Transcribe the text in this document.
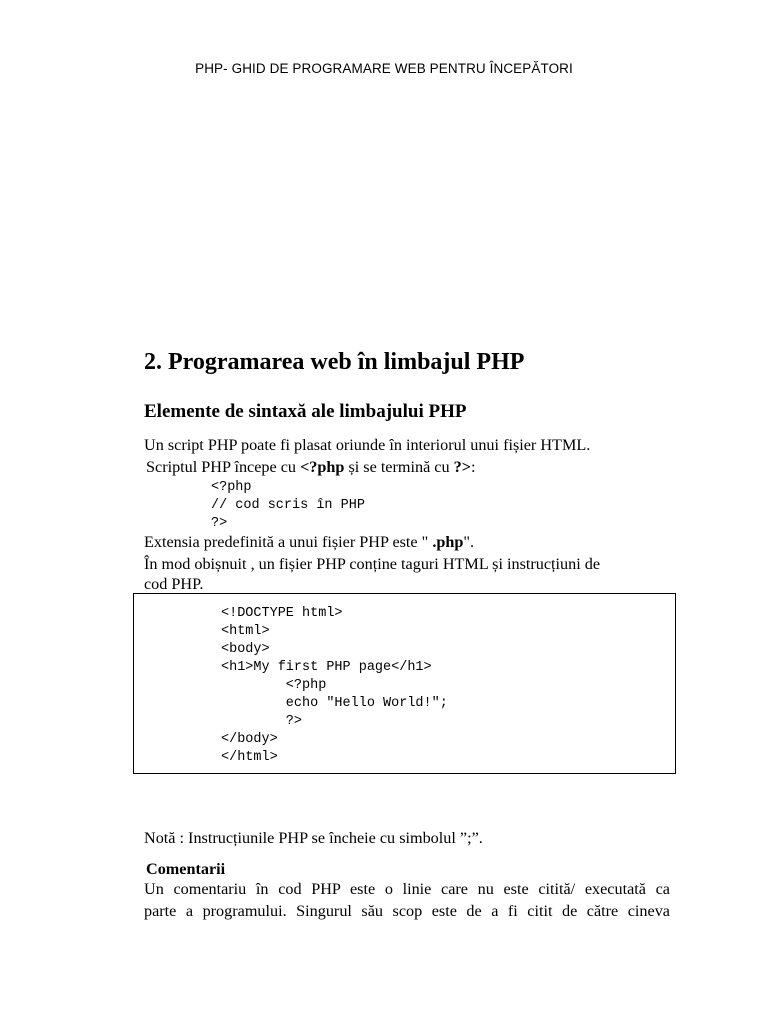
PHP- GHID DE PROGRAMARE WEB PENTRU ÎNCEPĂTORI
2. Programarea web în limbajul PHP
Elemente de sintaxă ale limbajului PHP
Un script PHP poate fi plasat oriunde în interiorul unui fișier HTML.
Scriptul PHP începe cu <?php și se termină cu ?>:
<?php
// cod scris în PHP
?>
Extensia predefinită a unui fișier PHP este " .php".
În mod obișnuit , un fișier PHP conține taguri HTML și instrucțiuni de
cod PHP.
<!DOCTYPE html>
<html>
<body>
<h1>My first PHP page</h1>
<?php
echo "Hello World!";
?>
</body>
</html>
Notă : Instrucțiunile PHP se încheie cu simbolul ”;”.
Comentarii
Un comentariu în cod PHP este o linie care nu este citită/ executată ca
parte a programului. Singurul său scop este de a fi citit de către cineva
